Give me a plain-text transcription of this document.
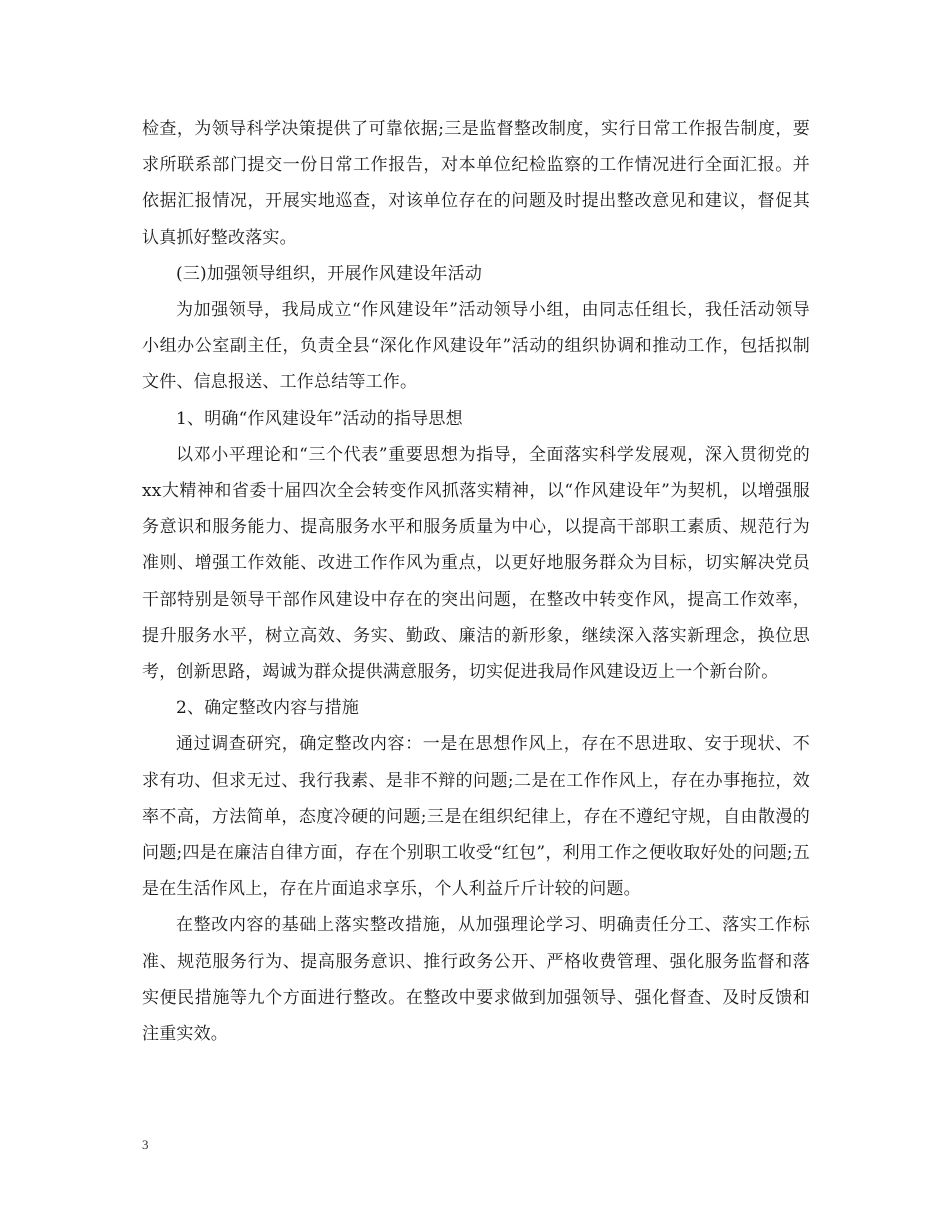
检查，为领导科学决策提供了可靠依据;三是监督整改制度，实行日常工作报告制度，要求所联系部门提交一份日常工作报告，对本单位纪检监察的工作情况进行全面汇报。并依据汇报情况，开展实地巡查，对该单位存在的问题及时提出整改意见和建议，督促其认真抓好整改落实。

(三)加强领导组织，开展作风建设年活动

为加强领导，我局成立“作风建设年”活动领导小组，由同志任组长，我任活动领导小组办公室副主任，负责全县“深化作风建设年”活动的组织协调和推动工作，包括拟制文件、信息报送、工作总结等工作。

1、明确“作风建设年”活动的指导思想

以邓小平理论和“三个代表”重要思想为指导，全面落实科学发展观，深入贯彻党的xx大精神和省委十届四次全会转变作风抓落实精神，以“作风建设年”为契机，以增强服务意识和服务能力、提高服务水平和服务质量为中心，以提高干部职工素质、规范行为准则、增强工作效能、改进工作作风为重点，以更好地服务群众为目标，切实解决党员干部特别是领导干部作风建设中存在的突出问题，在整改中转变作风，提高工作效率，提升服务水平，树立高效、务实、勤政、廉洁的新形象，继续深入落实新理念，换位思考，创新思路，竭诚为群众提供满意服务，切实促进我局作风建设迈上一个新台阶。

2、确定整改内容与措施

通过调查研究，确定整改内容：一是在思想作风上，存在不思进取、安于现状、不求有功、但求无过、我行我素、是非不辩的问题;二是在工作作风上，存在办事拖拉，效率不高，方法简单，态度冷硬的问题;三是在组织纪律上，存在不遵纪守规，自由散漫的问题;四是在廉洁自律方面，存在个别职工收受“红包”，利用工作之便收取好处的问题;五是在生活作风上，存在片面追求享乐，个人利益斤斤计较的问题。

在整改内容的基础上落实整改措施，从加强理论学习、明确责任分工、落实工作标准、规范服务行为、提高服务意识、推行政务公开、严格收费管理、强化服务监督和落实便民措施等九个方面进行整改。在整改中要求做到加强领导、强化督查、及时反馈和注重实效。

3
